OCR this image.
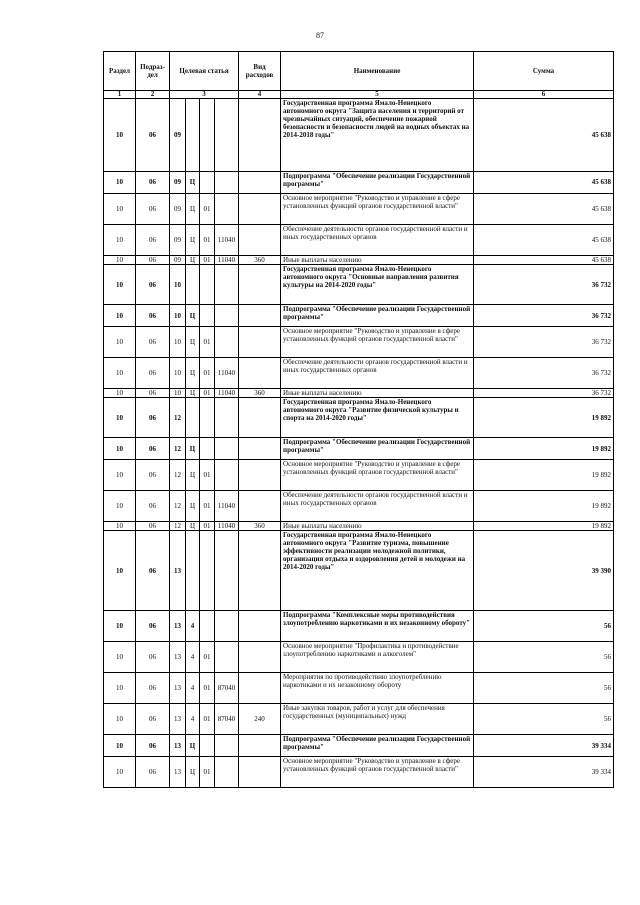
87
Раздел	Подраз-дел	Целевая статья				Вид расходов	Наименование	Сумма
1	2	3				4	5	6
10	06	09					Государственная программа Ямало-Ненецкого автономного округа "Защита населения и территорий от чрезвычайных ситуаций, обеспечение пожарной безопасности и безопасности людей на водных объектах на 2014-2018 годы"	45 638
10	06	09	Ц				Подпрограмма "Обеспечение реализации Государственной программы"	45 638
10	06	09	Ц	01			Основное мероприятие "Руководство и управление в сфере установленных функций органов государственной власти"	45 638
10	06	09	Ц	01	11040		Обеспечение деятельности органов государственной власти и иных государственных органов	45 638
10	06	09	Ц	01	11040	360	Иные выплаты населению	45 638
10	06	10					Государственная программа Ямало-Ненецкого автономного округа "Основные направления развития культуры на 2014-2020 годы"	36 732
10	06	10	Ц				Подпрограмма "Обеспечение реализации Государственной программы"	36 732
10	06	10	Ц	01			Основное мероприятие "Руководство и управление в сфере установленных функций органов государственной власти"	36 732
10	06	10	Ц	01	11040		Обеспечение деятельности органов государственной власти и иных государственных органов	36 732
10	06	10	Ц	01	11040	360	Иные выплаты населению	36 732
10	06	12					Государственная программа Ямало-Ненецкого автономного округа "Развитие физической культуры и спорта на 2014-2020 годы"	19 892
10	06	12	Ц				Подпрограмма "Обеспечение реализации Государственной программы"	19 892
10	06	12	Ц	01			Основное мероприятие "Руководство и управление в сфере установленных функций органов государственной власти"	19 892
10	06	12	Ц	01	11040		Обеспечение деятельности органов государственной власти и иных государственных органов	19 892
10	06	12	Ц	01	11040	360	Иные выплаты населению	19 892
10	06	13					Государственная программа Ямало-Ненецкого автономного округа "Развитие туризма, повышение эффективности реализации молодежной политики, организация отдыха и оздоровления детей и молодежи на 2014-2020 годы"	39 390
10	06	13	4				Подпрограмма "Комплексные меры противодействия злоупотреблению наркотиками и их незаконному обороту"	56
10	06	13	4	01			Основное мероприятие "Профилактика и противодействие злоупотреблению наркотиками и алкоголем"	56
10	06	13	4	01	87040		Мероприятия по противодействию злоупотреблению наркотиками и их незаконному обороту	56
10	06	13	4	01	87040	240	Иные закупки товаров, работ и услуг для обеспечения государственных (муниципальных) нужд	56
10	06	13	Ц				Подпрограмма "Обеспечение реализации Государственной программы"	39 334
10	06	13	Ц	01			Основное мероприятие "Руководство и управление в сфере установленных функций органов государственной власти"	39 334
